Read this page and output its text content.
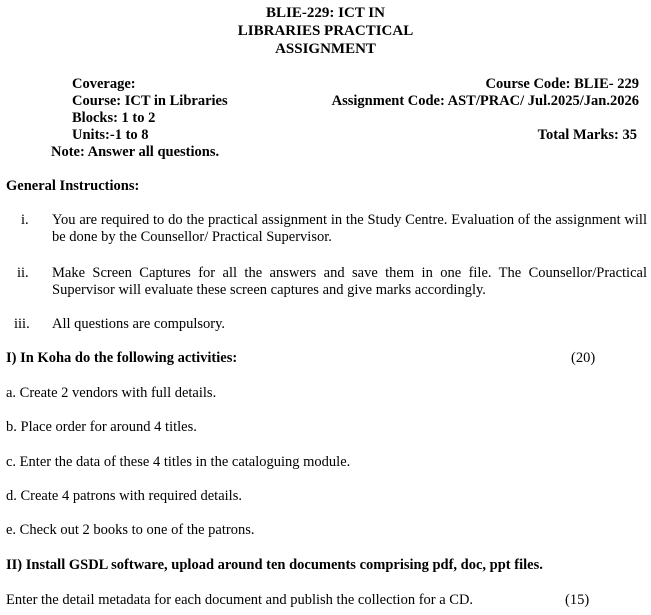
BLIE-229: ICT IN
LIBRARIES PRACTICAL
ASSIGNMENT
Coverage:
Course: ICT in Libraries
Blocks: 1 to 2
Units:-1 to 8
Note: Answer all questions.
Course Code: BLIE- 229
Assignment Code: AST/PRAC/ Jul.2025/Jan.2026
Total Marks: 35
General Instructions:
i. You are required to do the practical assignment in the Study Centre. Evaluation of the assignment will be done by the Counsellor/ Practical Supervisor.
ii. Make Screen Captures for all the answers and save them in one file. The Counsellor/Practical Supervisor will evaluate these screen captures and give marks accordingly.
iii. All questions are compulsory.
I) In Koha do the following activities:	(20)
a. Create 2 vendors with full details.
b. Place order for around 4 titles.
c. Enter the data of these 4 titles in the cataloguing module.
d. Create 4 patrons with required details.
e. Check out 2 books to one of the patrons.
II) Install GSDL software, upload around ten documents comprising pdf, doc, ppt files.
Enter the detail metadata for each document and publish the collection for a CD.	(15)
